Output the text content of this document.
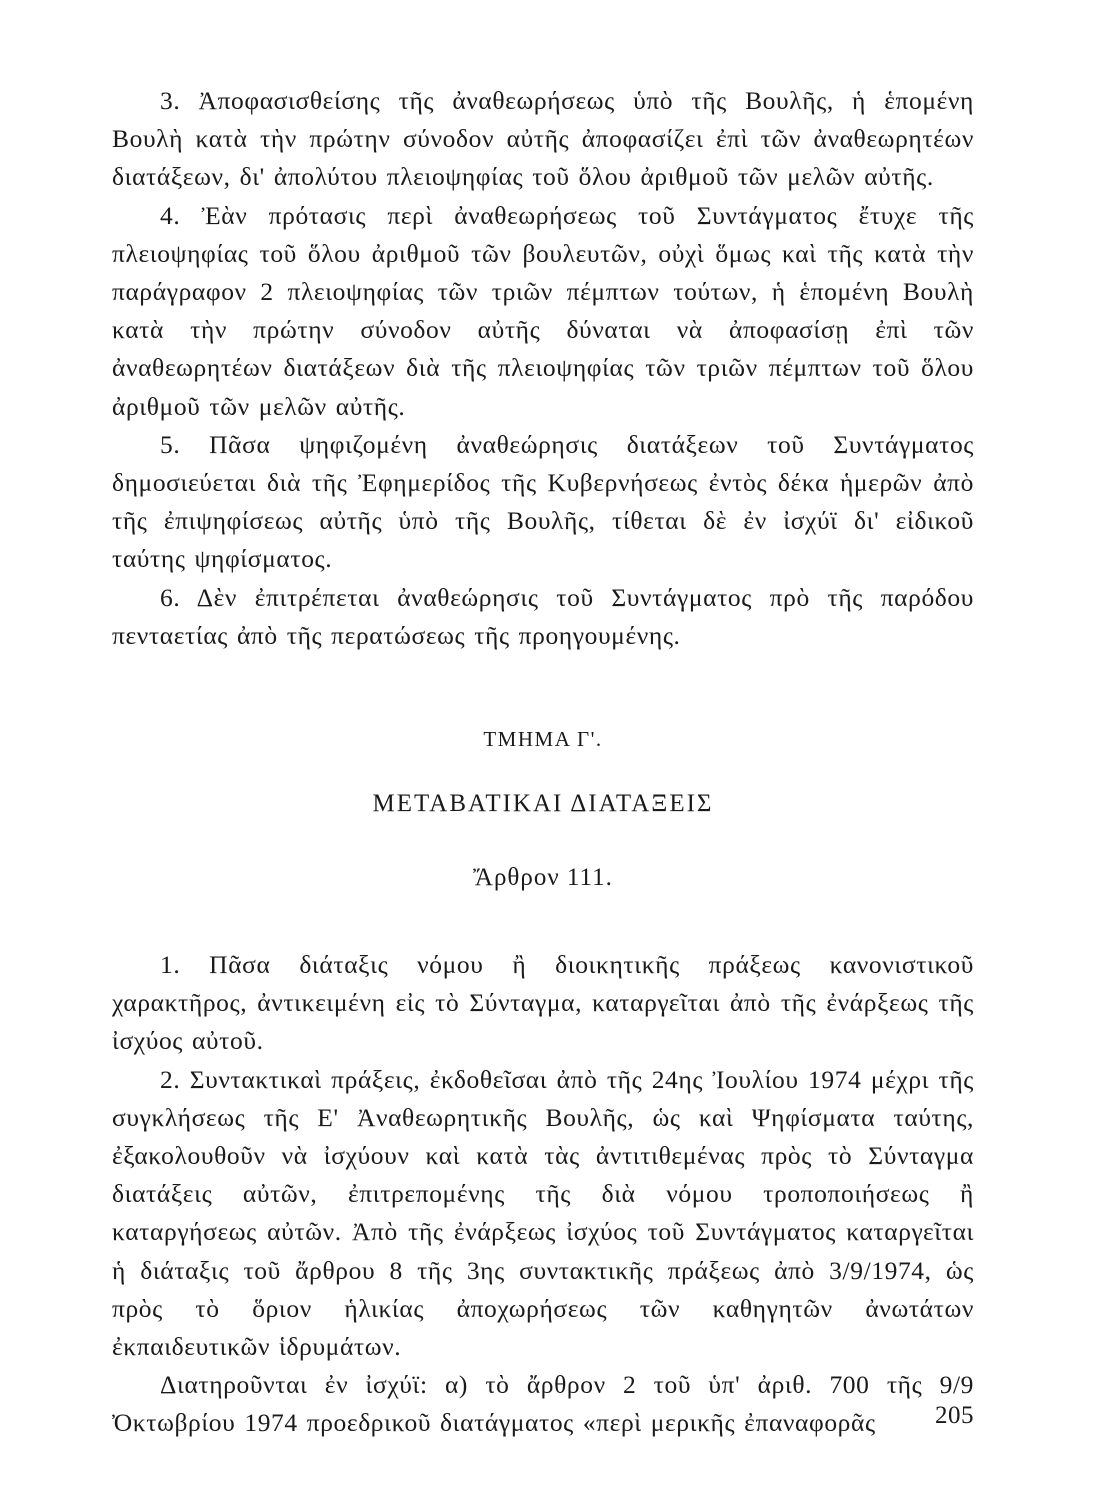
3. Ἀποφασισθείσης τῆς ἀναθεωρήσεως ὑπὸ τῆς Βουλῆς, ἡ ἑπομένη Βουλὴ κατὰ τὴν πρώτην σύνοδον αὐτῆς ἀποφασίζει ἐπὶ τῶν ἀναθεωρητέων διατάξεων, δι' ἀπολύτου πλειοψηφίας τοῦ ὅλου ἀριθμοῦ τῶν μελῶν αὐτῆς.

4. Ἐὰν πρότασις περὶ ἀναθεωρήσεως τοῦ Συντάγματος ἔτυχε τῆς πλειοψηφίας τοῦ ὅλου ἀριθμοῦ τῶν βουλευτῶν, οὐχὶ ὅμως καὶ τῆς κατὰ τὴν παράγραφον 2 πλειοψηφίας τῶν τριῶν πέμπτων τούτων, ἡ ἑπομένη Βουλὴ κατὰ τὴν πρώτην σύνοδον αὐτῆς δύναται νὰ ἀποφασίσῃ ἐπὶ τῶν ἀναθεωρητέων διατάξεων διὰ τῆς πλειοψηφίας τῶν τριῶν πέμπτων τοῦ ὅλου ἀριθμοῦ τῶν μελῶν αὐτῆς.

5. Πᾶσα ψηφιζομένη ἀναθεώρησις διατάξεων τοῦ Συντάγματος δημοσιεύεται διὰ τῆς Ἐφημερίδος τῆς Κυβερνήσεως ἐντὸς δέκα ἡμερῶν ἀπὸ τῆς ἐπιψηφίσεως αὐτῆς ὑπὸ τῆς Βουλῆς, τίθεται δὲ ἐν ἰσχύϊ δι' εἰδικοῦ ταύτης ψηφίσματος.

6. Δὲν ἐπιτρέπεται ἀναθεώρησις τοῦ Συντάγματος πρὸ τῆς παρόδου πενταετίας ἀπὸ τῆς περατώσεως τῆς προηγουμένης.

ΤΜΗΜΑ Γ'.

ΜΕΤΑΒΑΤΙΚΑΙ ΔΙΑΤΑΞΕΙΣ

Ἄρθρον 111.

1. Πᾶσα διάταξις νόμου ἢ διοικητικῆς πράξεως κανονιστικοῦ χαρακτῆρος, ἀντικειμένη εἰς τὸ Σύνταγμα, καταργεῖται ἀπὸ τῆς ἐνάρξεως τῆς ἰσχύος αὐτοῦ.

2. Συντακτικαὶ πράξεις, ἐκδοθεῖσαι ἀπὸ τῆς 24ης Ἰουλίου 1974 μέχρι τῆς συγκλήσεως τῆς Ε' Ἀναθεωρητικῆς Βουλῆς, ὡς καὶ Ψηφίσματα ταύτης, ἐξακολουθοῦν νὰ ἰσχύουν καὶ κατὰ τὰς ἀντιτιθεμένας πρὸς τὸ Σύνταγμα διατάξεις αὐτῶν, ἐπιτρεπομένης τῆς διὰ νόμου τροποποιήσεως ἢ καταργήσεως αὐτῶν. Ἀπὸ τῆς ἐνάρξεως ἰσχύος τοῦ Συντάγματος καταργεῖται ἡ διάταξις τοῦ ἄρθρου 8 τῆς 3ης συντακτικῆς πράξεως ἀπὸ 3/9/1974, ὡς πρὸς τὸ ὅριον ἡλικίας ἀποχωρήσεως τῶν καθηγητῶν ἀνωτάτων ἐκπαιδευτικῶν ἱδρυμάτων.

Διατηροῦνται ἐν ἰσχύϊ: α) τὸ ἄρθρον 2 τοῦ ὑπ' ἀριθ. 700 τῆς 9/9 Ὀκτωβρίου 1974 προεδρικοῦ διατάγματος «περὶ μερικῆς ἐπαναφορᾶς	205
